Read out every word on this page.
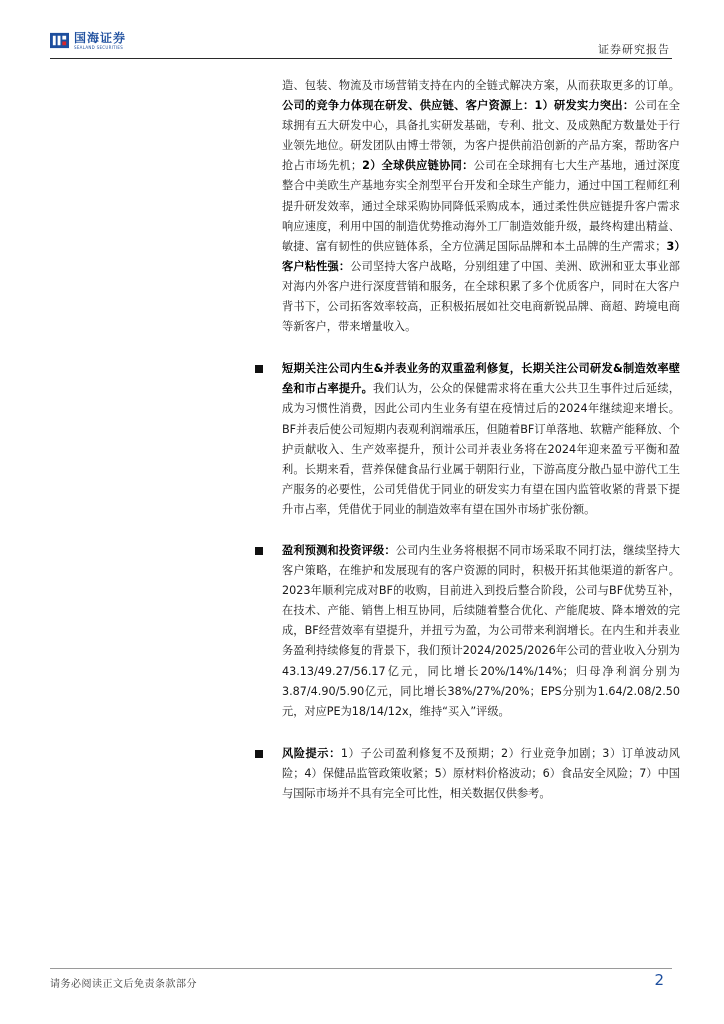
国海证券
SEALAND SECURITIES	证券研究报告

造、包装、物流及市场营销支持在内的全链式解决方案，从而获取更多的订单。公司的竞争力体现在研发、供应链、客户资源上：1）研发实力突出：公司在全球拥有五大研发中心，具备扎实研发基础，专利、批文、及成熟配方数量处于行业领先地位。研发团队由博士带领，为客户提供前沿创新的产品方案，帮助客户抢占市场先机；2）全球供应链协同：公司在全球拥有七大生产基地，通过深度整合中美欧生产基地夯实全剂型平台开发和全球生产能力，通过中国工程师红利提升研发效率，通过全球采购协同降低采购成本，通过柔性供应链提升客户需求响应速度，利用中国的制造优势推动海外工厂制造效能升级，最终构建出精益、敏捷、富有韧性的供应链体系，全方位满足国际品牌和本土品牌的生产需求；3）客户粘性强：公司坚持大客户战略，分别组建了中国、美洲、欧洲和亚太事业部对海内外客户进行深度营销和服务，在全球积累了多个优质客户，同时在大客户背书下，公司拓客效率较高，正积极拓展如社交电商新锐品牌、商超、跨境电商等新客户，带来增量收入。

短期关注公司内生&并表业务的双重盈利修复，长期关注公司研发&制造效率壁垒和市占率提升。我们认为，公众的保健需求将在重大公共卫生事件过后延续，成为习惯性消费，因此公司内生业务有望在疫情过后的2024年继续迎来增长。BF并表后使公司短期内表观利润端承压，但随着BF订单落地、软糖产能释放、个护贡献收入、生产效率提升，预计公司并表业务将在2024年迎来盈亏平衡和盈利。长期来看，营养保健食品行业属于朝阳行业，下游高度分散凸显中游代工生产服务的必要性，公司凭借优于同业的研发实力有望在国内监管收紧的背景下提升市占率，凭借优于同业的制造效率有望在国外市场扩张份额。

盈利预测和投资评级：公司内生业务将根据不同市场采取不同打法，继续坚持大客户策略，在维护和发展现有的客户资源的同时，积极开拓其他渠道的新客户。2023年顺利完成对BF的收购，目前进入到投后整合阶段，公司与BF优势互补，在技术、产能、销售上相互协同，后续随着整合优化、产能爬坡、降本增效的完成，BF经营效率有望提升，并扭亏为盈，为公司带来利润增长。在内生和并表业务盈利持续修复的背景下，我们预计2024/2025/2026年公司的营业收入分别为43.13/49.27/56.17亿元，同比增长20%/14%/14%；归母净利润分别为3.87/4.90/5.90亿元，同比增长38%/27%/20%；EPS分别为1.64/2.08/2.50元，对应PE为18/14/12x，维持“买入”评级。

风险提示：1）子公司盈利修复不及预期；2）行业竞争加剧；3）订单波动风险；4）保健品监管政策收紧；5）原材料价格波动；6）食品安全风险；7）中国与国际市场并不具有完全可比性，相关数据仅供参考。

请务必阅读正文后免责条款部分	2
